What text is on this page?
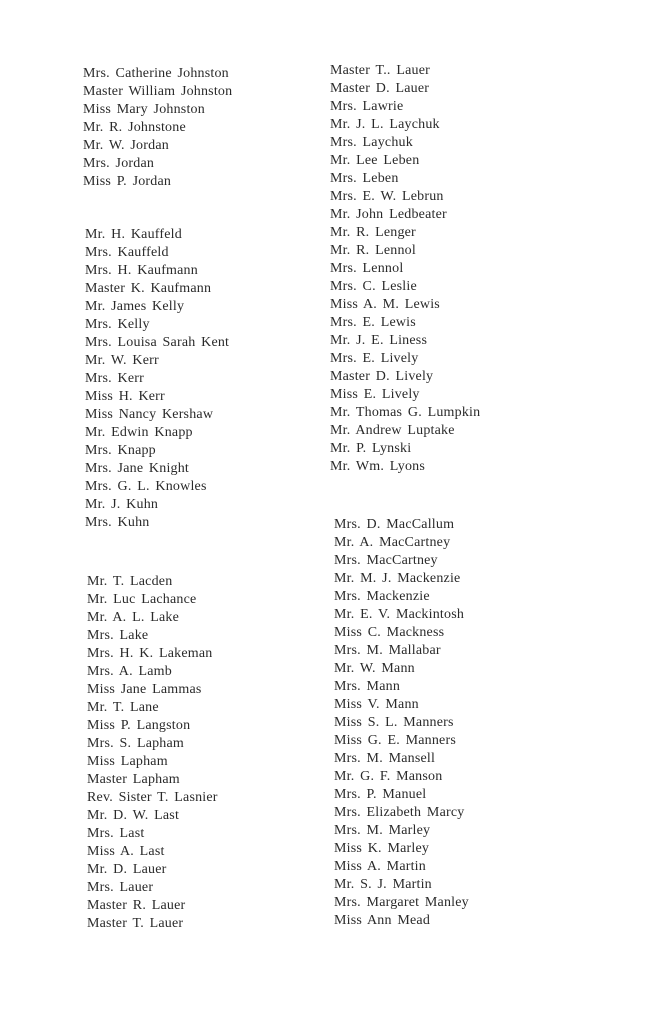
Mrs. Catherine Johnston
Master William Johnston
Miss Mary Johnston
Mr. R. Johnstone
Mr. W. Jordan
Mrs. Jordan
Miss P. Jordan
Mr. H. Kauffeld
Mrs. Kauffeld
Mrs. H. Kaufmann
Master K. Kaufmann
Mr. James Kelly
Mrs. Kelly
Mrs. Louisa Sarah Kent
Mr. W. Kerr
Mrs. Kerr
Miss H. Kerr
Miss Nancy Kershaw
Mr. Edwin Knapp
Mrs. Knapp
Mrs. Jane Knight
Mrs. G. L. Knowles
Mr. J. Kuhn
Mrs. Kuhn
Mr. T. Lacden
Mr. Luc Lachance
Mr. A. L. Lake
Mrs. Lake
Mrs. H. K. Lakeman
Mrs. A. Lamb
Miss Jane Lammas
Mr. T. Lane
Miss P. Langston
Mrs. S. Lapham
Miss Lapham
Master Lapham
Rev. Sister T. Lasnier
Mr. D. W. Last
Mrs. Last
Miss A. Last
Mr. D. Lauer
Mrs. Lauer
Master R. Lauer
Master T. Lauer
Master T.. Lauer
Master D. Lauer
Mrs. Lawrie
Mr. J. L. Laychuk
Mrs. Laychuk
Mr. Lee Leben
Mrs. Leben
Mrs. E. W. Lebrun
Mr. John Ledbeater
Mr. R. Lenger
Mr. R. Lennol
Mrs. Lennol
Mrs. C. Leslie
Miss A. M. Lewis
Mrs. E. Lewis
Mr. J. E. Liness
Mrs. E. Lively
Master D. Lively
Miss E. Lively
Mr. Thomas G. Lumpkin
Mr. Andrew Luptake
Mr. P. Lynski
Mr. Wm. Lyons
Mrs. D. MacCallum
Mr. A. MacCartney
Mrs. MacCartney
Mr. M. J. Mackenzie
Mrs. Mackenzie
Mr. E. V. Mackintosh
Miss C. Mackness
Mrs. M. Mallabar
Mr. W. Mann
Mrs. Mann
Miss V. Mann
Miss S. L. Manners
Miss G. E. Manners
Mrs. M. Mansell
Mr. G. F. Manson
Mrs. P. Manuel
Mrs. Elizabeth Marcy
Mrs. M. Marley
Miss K. Marley
Miss A. Martin
Mr. S. J. Martin
Mrs. Margaret Manley
Miss Ann Mead
